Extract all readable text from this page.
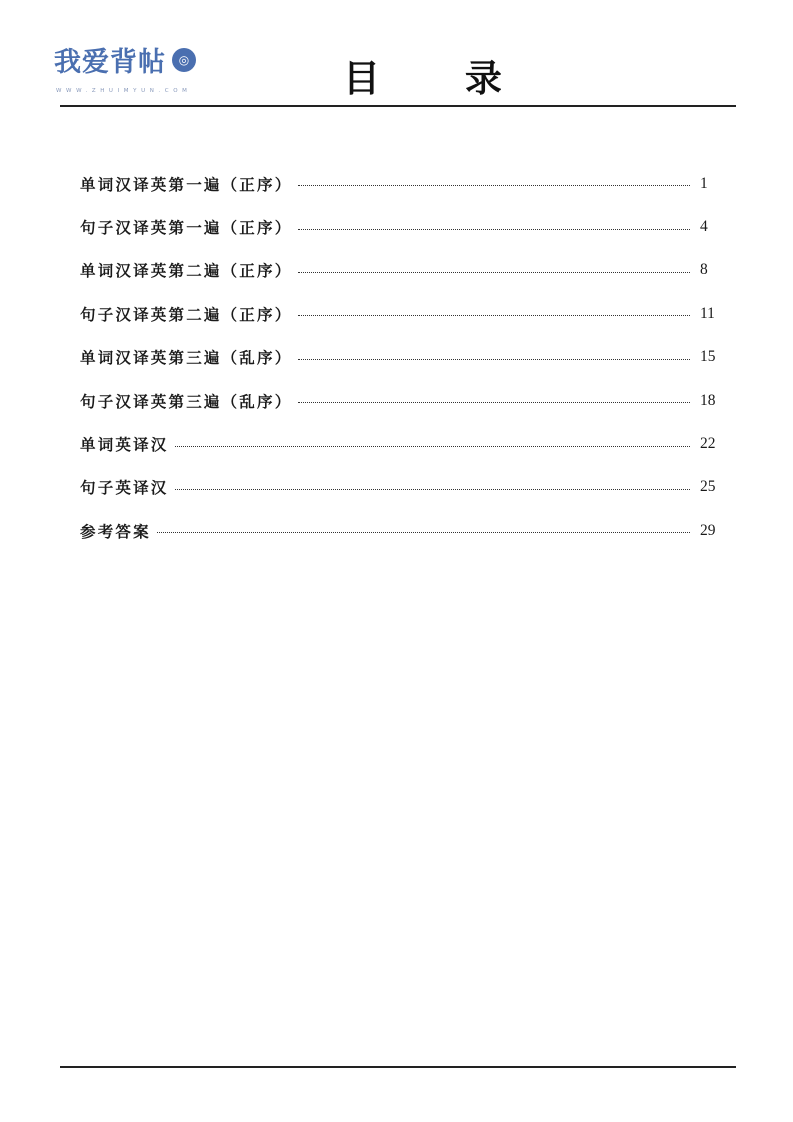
我爱背帖	◎
WWW.ZHUIMYUN.COM	目 录
单词汉译英第一遍（正序）	1
句子汉译英第一遍（正序）	4
单词汉译英第二遍（正序）	8
句子汉译英第二遍（正序）	11
单词汉译英第三遍（乱序）	15
句子汉译英第三遍（乱序）	18
单词英译汉	22
句子英译汉	25
参考答案	29
